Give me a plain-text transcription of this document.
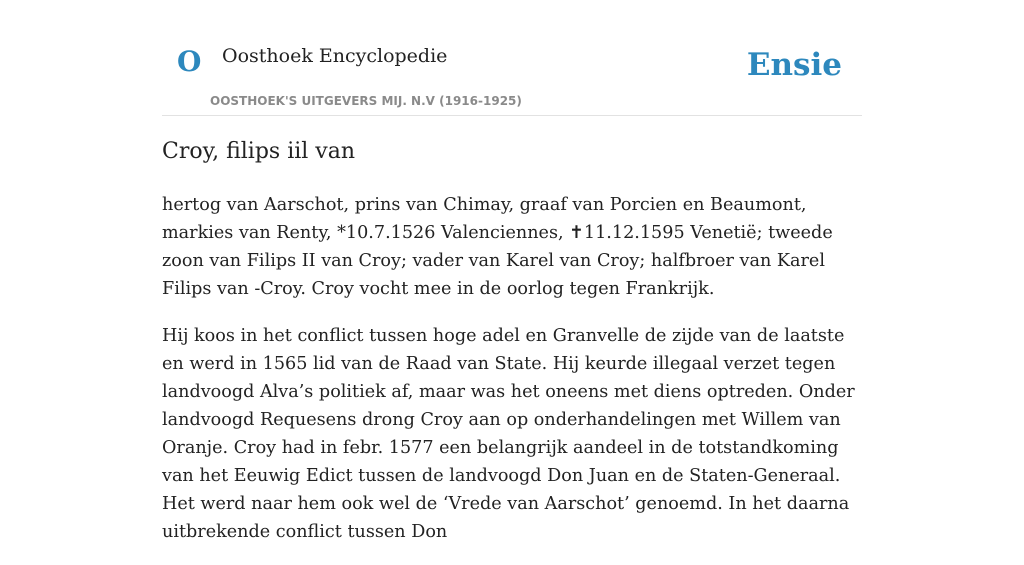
O Oosthoek Encyclopedie
OOSTHOEK'S UITGEVERS MIJ. N.V (1916-1925)
Ensie
Croy, filips iil van

hertog van Aarschot, prins van Chimay, graaf van Porcien en Beaumont, markies van Renty, *10.7.1526 Valenciennes, ✝11.12.1595 Venetië; tweede zoon van Filips II van Croy; vader van Karel van Croy; halfbroer van Karel Filips van -Croy. Croy vocht mee in de oorlog tegen Frankrijk.

Hij koos in het conflict tussen hoge adel en Granvelle de zijde van de laatste en werd in 1565 lid van de Raad van State. Hij keurde illegaal verzet tegen landvoogd Alva’s politiek af, maar was het oneens met diens optreden. Onder landvoogd Requesens drong Croy aan op onderhandelingen met Willem van Oranje. Croy had in febr. 1577 een belangrijk aandeel in de totstandkoming van het Eeuwig Edict tussen de landvoogd Don Juan en de Staten-Generaal. Het werd naar hem ook wel de ‘Vrede van Aarschot’ genoemd. In het daarna uitbrekende conflict tussen Don
